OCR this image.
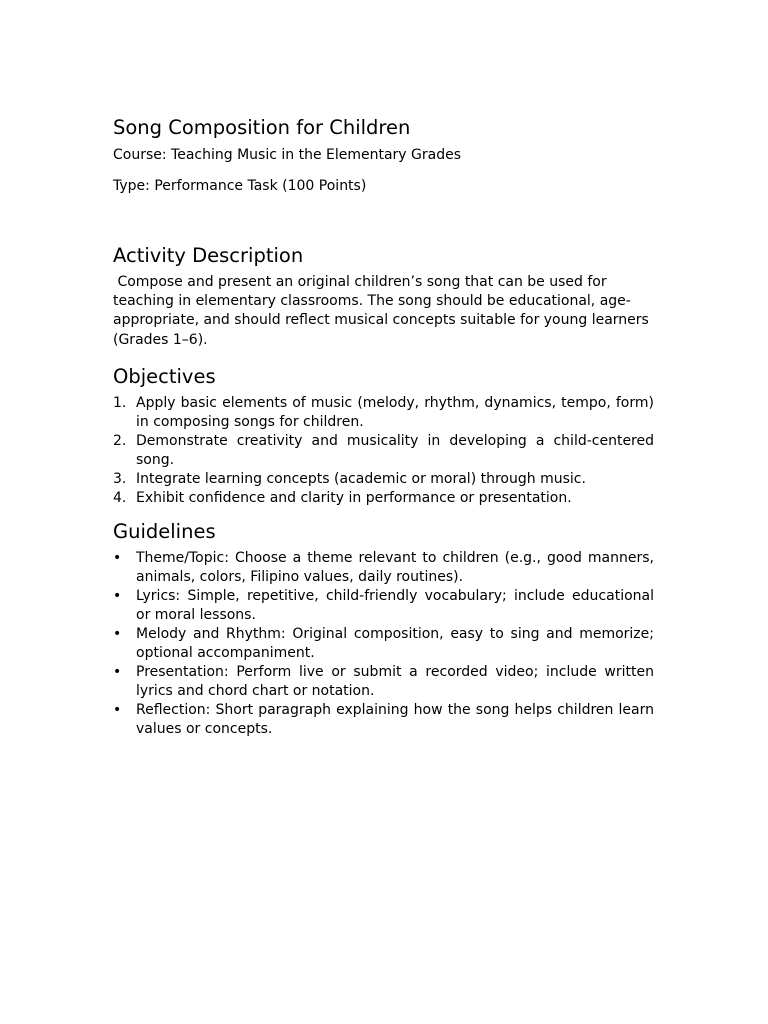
Song Composition for Children

Course: Teaching Music in the Elementary Grades

Type: Performance Task (100 Points)

Activity Description

Compose and present an original children’s song that can be used for teaching in elementary classrooms. The song should be educational, age-appropriate, and should reflect musical concepts suitable for young learners (Grades 1–6).

Objectives
1. Apply basic elements of music (melody, rhythm, dynamics, tempo, form) in composing songs for children.
2. Demonstrate creativity and musicality in developing a child-centered song.
3. Integrate learning concepts (academic or moral) through music.
4. Exhibit confidence and clarity in performance or presentation.
Guidelines
• Theme/Topic: Choose a theme relevant to children (e.g., good manners, animals, colors, Filipino values, daily routines).
• Lyrics: Simple, repetitive, child-friendly vocabulary; include educational or moral lessons.
• Melody and Rhythm: Original composition, easy to sing and memorize; optional accompaniment.
• Presentation: Perform live or submit a recorded video; include written lyrics and chord chart or notation.
• Reflection: Short paragraph explaining how the song helps children learn values or concepts.
